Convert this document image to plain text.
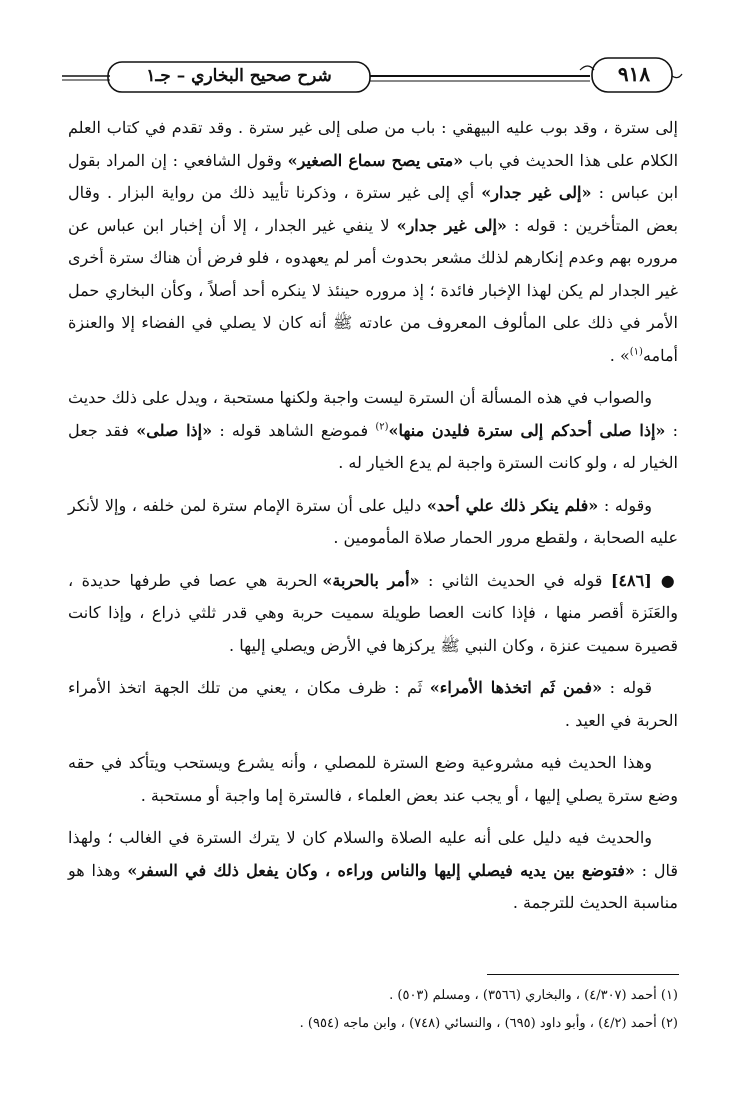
شرح صحيح البخاري – جـ١	٩١٨

إلى سترة ، وقد بوب عليه البيهقي : باب من صلى إلى غير سترة . وقد تقدم في كتاب العلم الكلام على هذا الحديث في باب «متى يصح سماع الصغير» وقول الشافعي : إن المراد بقول ابن عباس : «إلى غير جدار» أي إلى غير سترة ، وذكرنا تأييد ذلك من رواية البزار . وقال بعض المتأخرين : قوله : «إلى غير جدار» لا ينفي غير الجدار ، إلا أن إخبار ابن عباس عن مروره بهم وعدم إنكارهم لذلك مشعر بحدوث أمر لم يعهدوه ، فلو فرض أن هناك سترة أخرى غير الجدار لم يكن لهذا الإخبار فائدة ؛ إذ مروره حينئذ لا ينكره أحد أصلاً ، وكأن البخاري حمل الأمر في ذلك على المألوف المعروف من عادته ﷺ أنه كان لا يصلي في الفضاء إلا والعنزة أمامه$^{(١)}$» .

والصواب في هذه المسألة أن السترة ليست واجبة ولكنها مستحبة ، ويدل على ذلك حديث : «إذا صلى أحدكم إلى سترة فليدن منها»$^{(٢)}$ فموضع الشاهد قوله : «إذا صلى» فقد جعل الخيار له ، ولو كانت السترة واجبة لم يدع الخيار له .

وقوله : «فلم ينكر ذلك علي أحد» دليل على أن سترة الإمام سترة لمن خلفه ، وإلا لأنكر عليه الصحابة ، ولقطع مرور الحمار صلاة المأمومين .

● [٤٨٦] قوله في الحديث الثاني : «أمر بالحربة» الحربة هي عصا في طرفها حديدة ، والعَنَزة أقصر منها ، فإذا كانت العصا طويلة سميت حربة وهي قدر ثلثي ذراع ، وإذا كانت قصيرة سميت عنزة ، وكان النبي ﷺ يركزها في الأرض ويصلي إليها .

قوله : «فمن ثَم اتخذها الأمراء» ثَم : ظرف مكان ، يعني من تلك الجهة اتخذ الأمراء الحربة في العيد .

وهذا الحديث فيه مشروعية وضع السترة للمصلي ، وأنه يشرع ويستحب ويتأكد في حقه وضع سترة يصلي إليها ، أو يجب عند بعض العلماء ، فالسترة إما واجبة أو مستحبة .

والحديث فيه دليل على أنه عليه الصلاة والسلام كان لا يترك السترة في الغالب ؛ ولهذا قال : «فتوضع بين يديه فيصلي إليها والناس وراءه ، وكان يفعل ذلك في السفر» وهذا هو مناسبة الحديث للترجمة .

(١) أحمد (٤/٣٠٧) ، والبخاري (٣٥٦٦) ، ومسلم (٥٠٣) .

(٢) أحمد (٤/٢) ، وأبو داود (٦٩٥) ، والنسائي (٧٤٨) ، وابن ماجه (٩٥٤) .
